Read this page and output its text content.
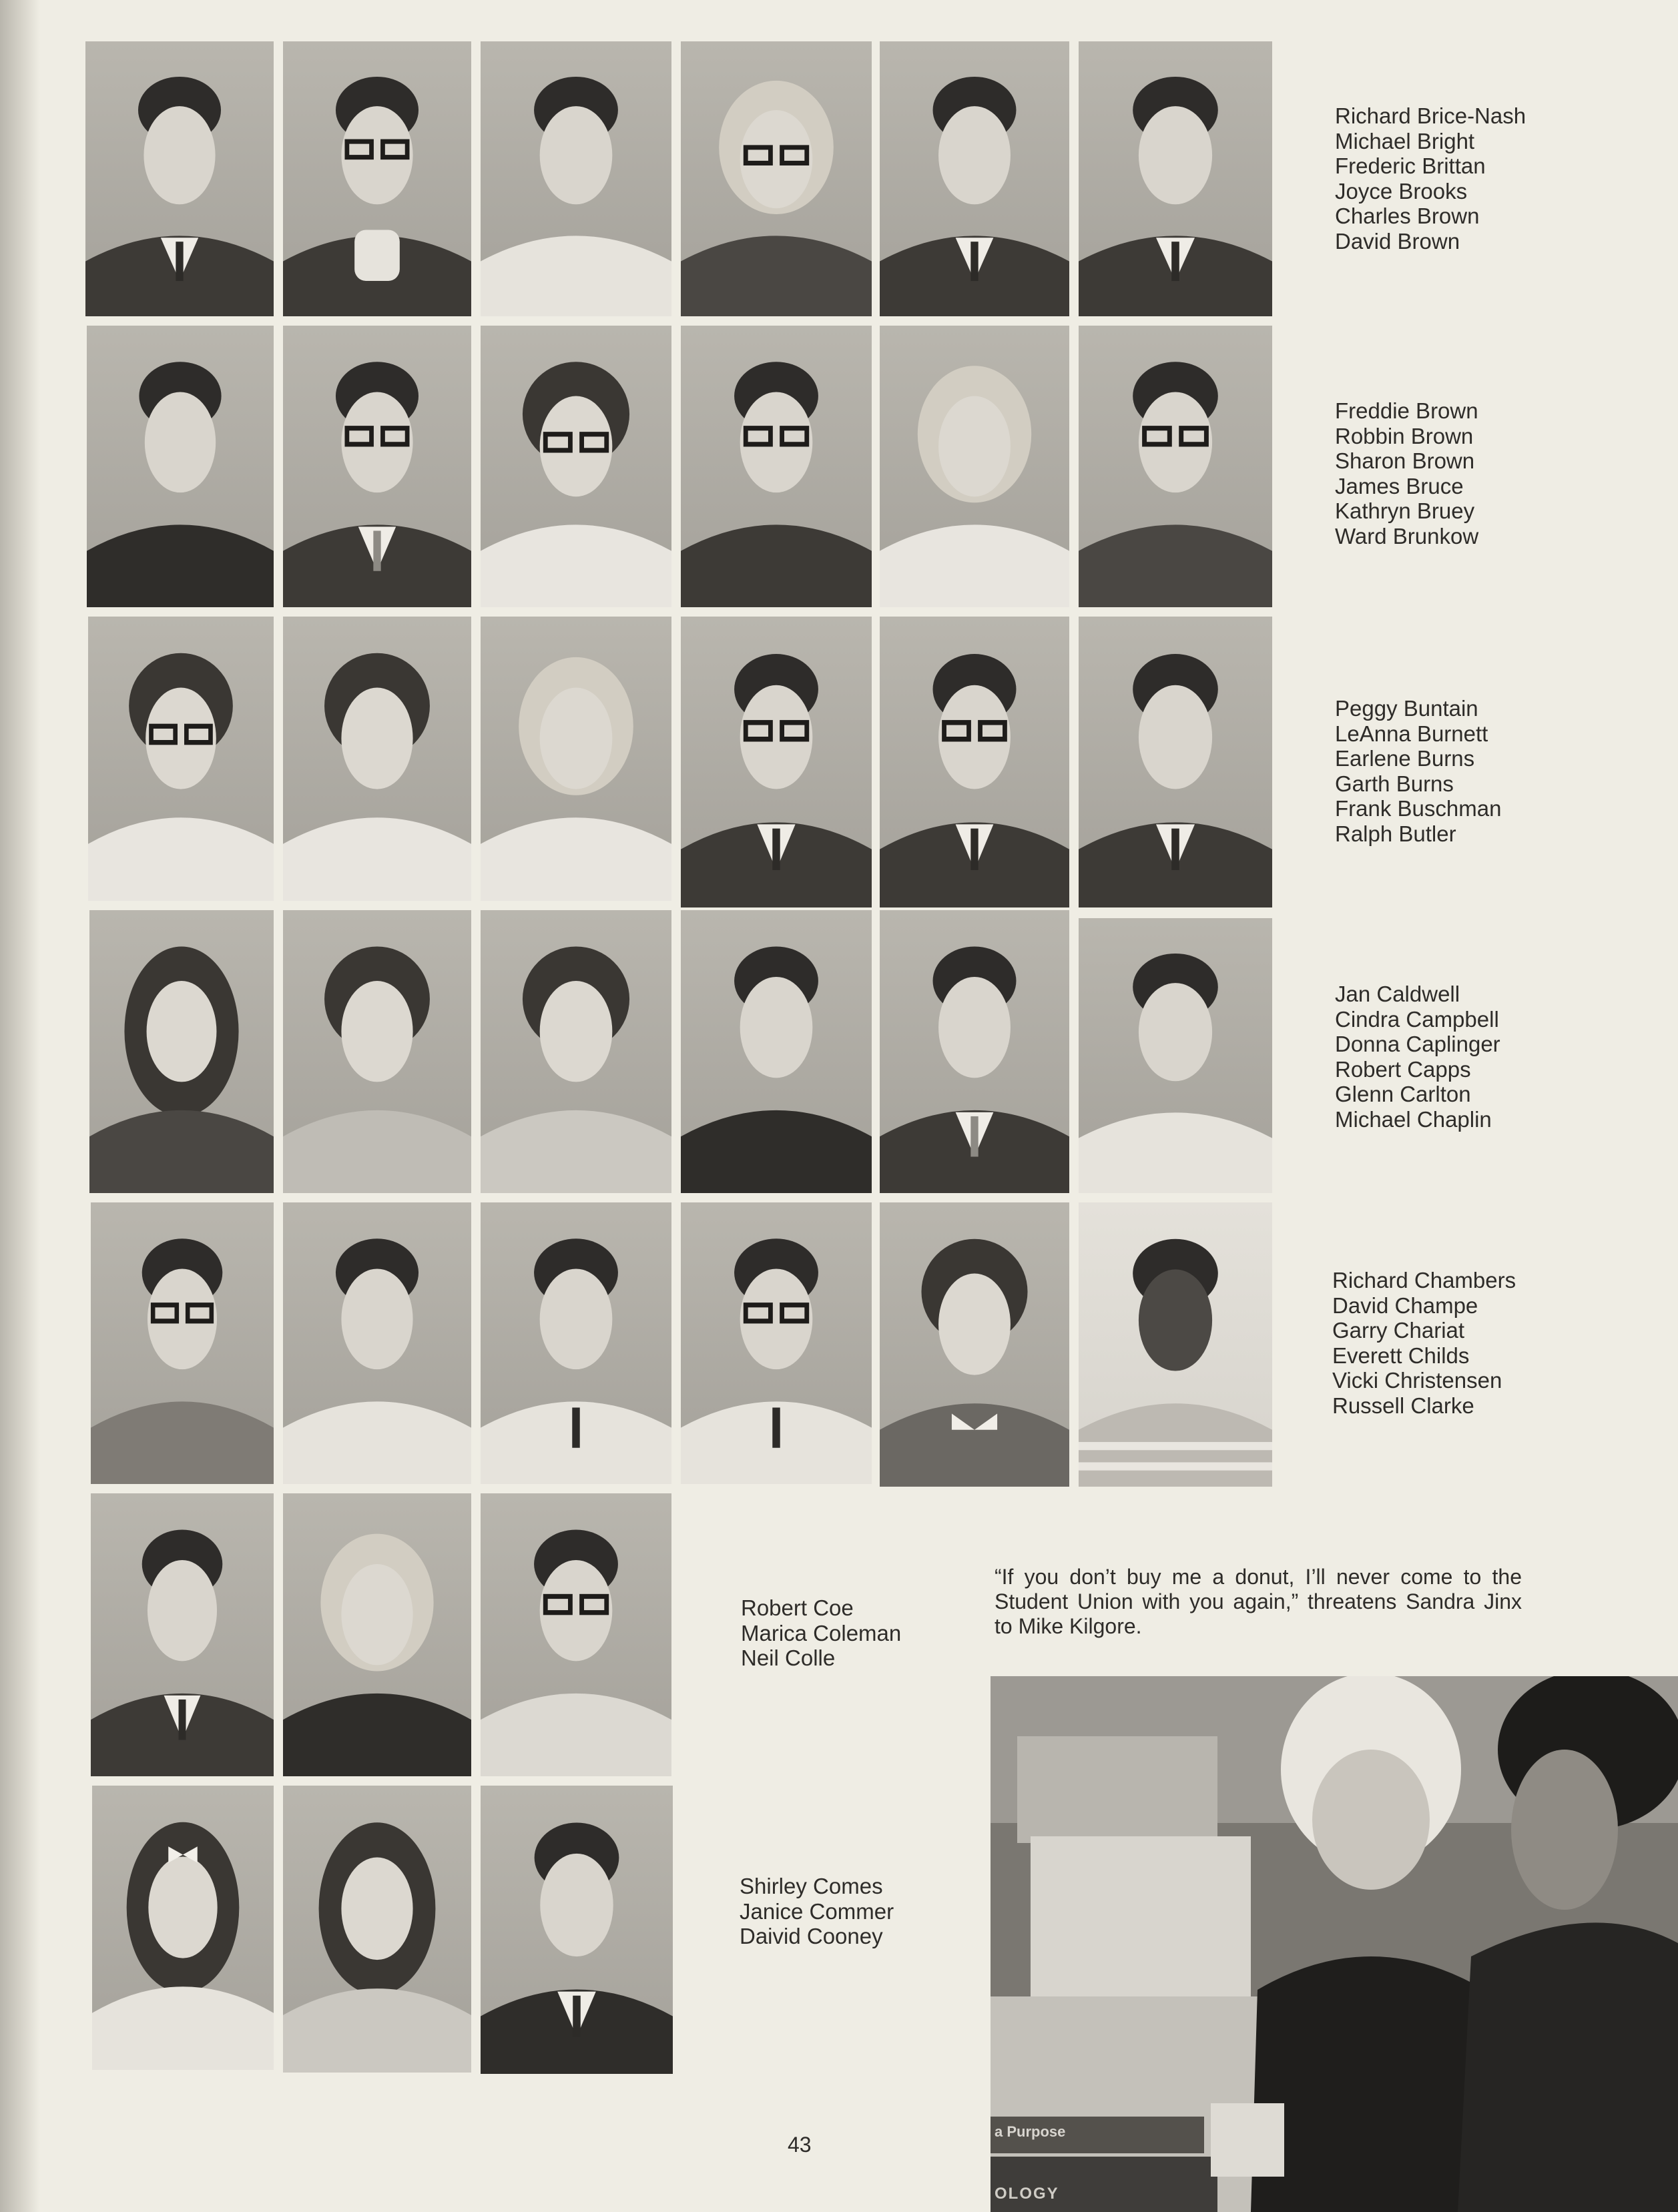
Richard Brice-Nash
Michael Bright
Frederic Brittan
Joyce Brooks
Charles Brown
David Brown
Freddie Brown
Robbin Brown
Sharon Brown
James Bruce
Kathryn Bruey
Ward Brunkow
Peggy Buntain
LeAnna Burnett
Earlene Burns
Garth Burns
Frank Buschman
Ralph Butler
Jan Caldwell
Cindra Campbell
Donna Caplinger
Robert Capps
Glenn Carlton
Michael Chaplin
Richard Chambers
David Champe
Garry Chariat
Everett Childs
Vicki Christensen
Russell Clarke
Robert Coe
Marica Coleman
Neil Colle
Shirley Comes
Janice Commer
Daivid Cooney
“If you don’t buy me a donut, I’ll never come to the Student Union with you again,” threatens Sandra Jinx to Mike Kilgore.
a Purpose
OLOGY
43
